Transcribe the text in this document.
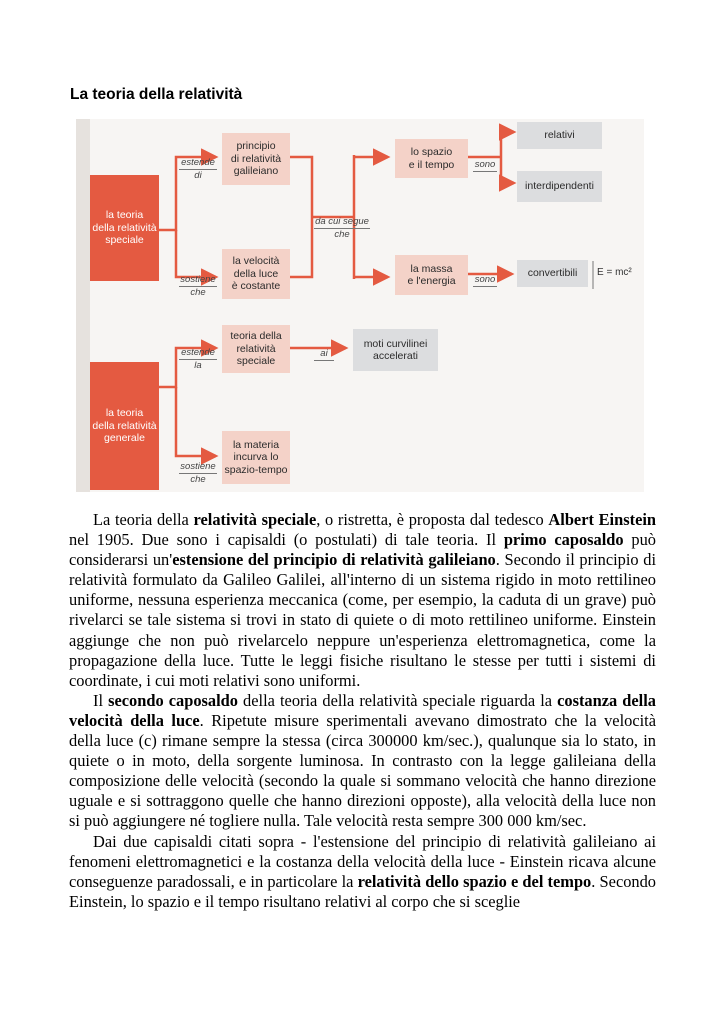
La teoria della relatività
la teoria
della relatività
speciale
la teoria
della relatività
generale
principio
di relatività
galileiano
la velocità
della luce
è costante
lo spazio
e il tempo
la massa
e l'energia
teoria della
relatività
speciale
la materia
incurva lo
spazio-tempo
relativi
interdipendenti
convertibili
moti curvilinei
accelerati
E = mc²

estende
di

sostiene
che

da cui segue
che

sono

sono

estende
la

ai

sostiene
che

La teoria della relatività speciale, o ristretta, è proposta dal tedesco Albert Einstein nel 1905. Due sono i capisaldi (o postulati) di tale teoria. Il primo caposaldo può considerarsi un'estensione del principio di relatività galileiano. Secondo il principio di relatività formulato da Galileo Galilei, all'interno di un sistema rigido in moto rettilineo uniforme, nessuna esperienza meccanica (come, per esempio, la caduta di un grave) può rivelarci se tale sistema si trovi in stato di quiete o di moto rettilineo uniforme. Einstein aggiunge che non può rivelarcelo neppure un'esperienza elettromagnetica, come la propagazione della luce. Tutte le leggi fisiche risultano le stesse per tutti i sistemi di coordinate, i cui moti relativi sono uniformi.

Il secondo caposaldo della teoria della relatività speciale riguarda la costanza della velocità della luce. Ripetute misure sperimentali avevano dimostrato che la velocità della luce (c) rimane sempre la stessa (circa 300000 km/sec.), qualunque sia lo stato, in quiete o in moto, della sorgente luminosa. In contrasto con la legge galileiana della composizione delle velocità (secondo la quale si sommano velocità che hanno direzione uguale e si sottraggono quelle che hanno direzioni opposte), alla velocità della luce non si può aggiungere né togliere nulla. Tale velocità resta sempre 300 000 km/sec.

Dai due capisaldi citati sopra - l'estensione del principio di relatività galileiano ai fenomeni elettromagnetici e la costanza della velocità della luce - Einstein ricava alcune conseguenze paradossali, e in particolare la relatività dello spazio e del tempo. Secondo Einstein, lo spazio e il tempo risultano relativi al corpo che si sceglie
